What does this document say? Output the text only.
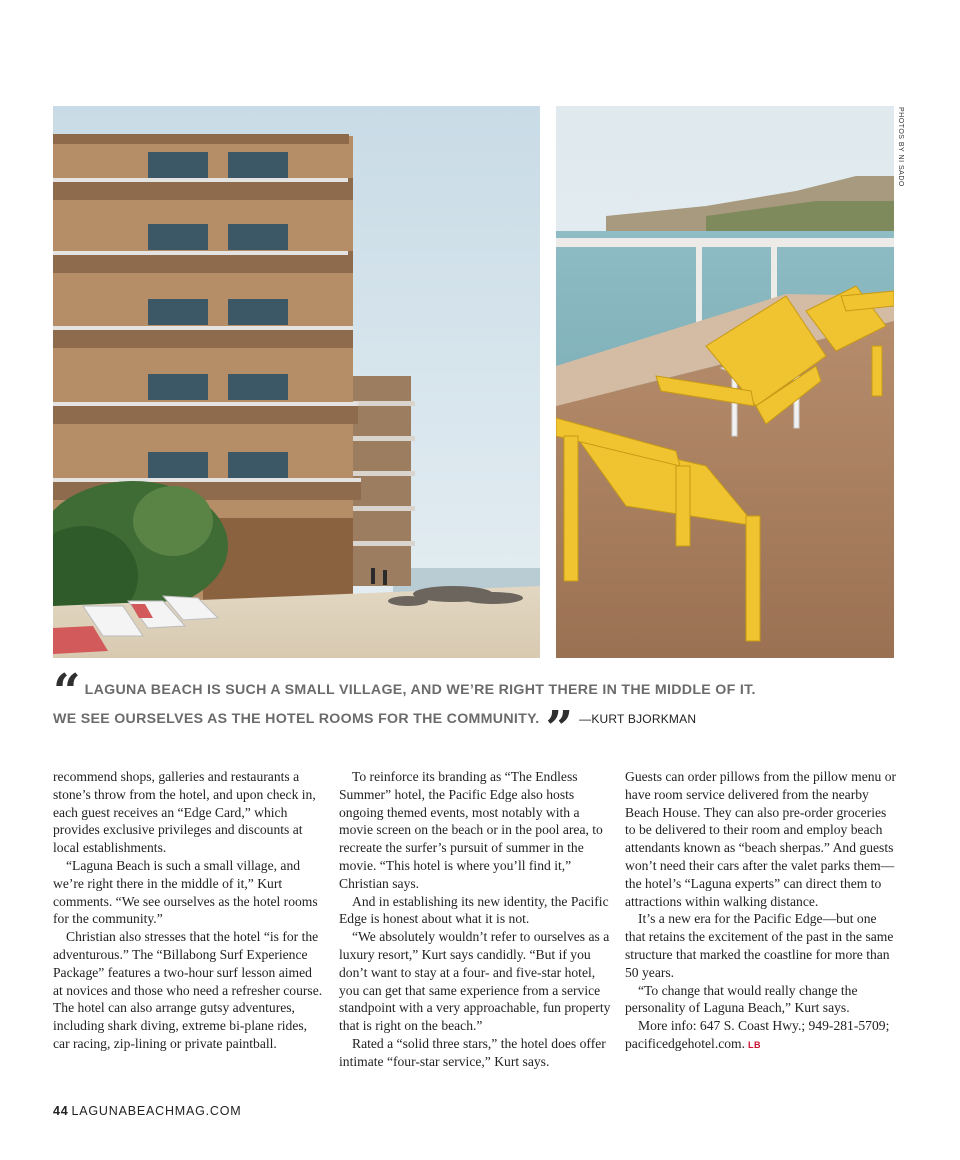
PHOTOS BY NI SADO
“ LAGUNA BEACH IS SUCH A SMALL VILLAGE, AND WE’RE RIGHT THERE IN THE MIDDLE OF IT.
WE SEE OURSELVES AS THE HOTEL ROOMS FOR THE COMMUNITY. ” —KURT BJORKMAN

recommend shops, galleries and restaurants a stone’s throw from the hotel, and upon check in, each guest receives an “Edge Card,” which provides exclusive privileges and discounts at local establishments.

“Laguna Beach is such a small village, and we’re right there in the middle of it,” Kurt comments. “We see ourselves as the hotel rooms for the community.”

Christian also stresses that the hotel “is for the adventurous.” The “Billabong Surf Experience Package” features a two-hour surf lesson aimed at novices and those who need a refresher course. The hotel can also arrange gutsy adventures, including shark diving, extreme bi-plane rides, car racing, zip-lining or private paintball.

To reinforce its branding as “The Endless Summer” hotel, the Pacific Edge also hosts ongoing themed events, most notably with a movie screen on the beach or in the pool area, to recreate the surfer’s pursuit of summer in the movie. “This hotel is where you’ll find it,” Christian says.

And in establishing its new identity, the Pacific Edge is honest about what it is not.

“We absolutely wouldn’t refer to ourselves as a luxury resort,” Kurt says candidly. “But if you don’t want to stay at a four- and five-star hotel, you can get that same experience from a service standpoint with a very approachable, fun property that is right on the beach.”

Rated a “solid three stars,” the hotel does offer intimate “four-star service,” Kurt says.

Guests can order pillows from the pillow menu or have room service delivered from the nearby Beach House. They can also pre-order groceries to be delivered to their room and employ beach attendants known as “beach sherpas.” And guests won’t need their cars after the valet parks them—the hotel’s “Laguna experts” can direct them to attractions within walking distance.

It’s a new era for the Pacific Edge—but one that retains the excitement of the past in the same structure that marked the coastline for more than 50 years.

“To change that would really change the personality of Laguna Beach,” Kurt says.

More info: 647 S. Coast Hwy.; 949-281-5709; pacificedgehotel.com. LB

44 LAGUNABEACHMAG.COM
